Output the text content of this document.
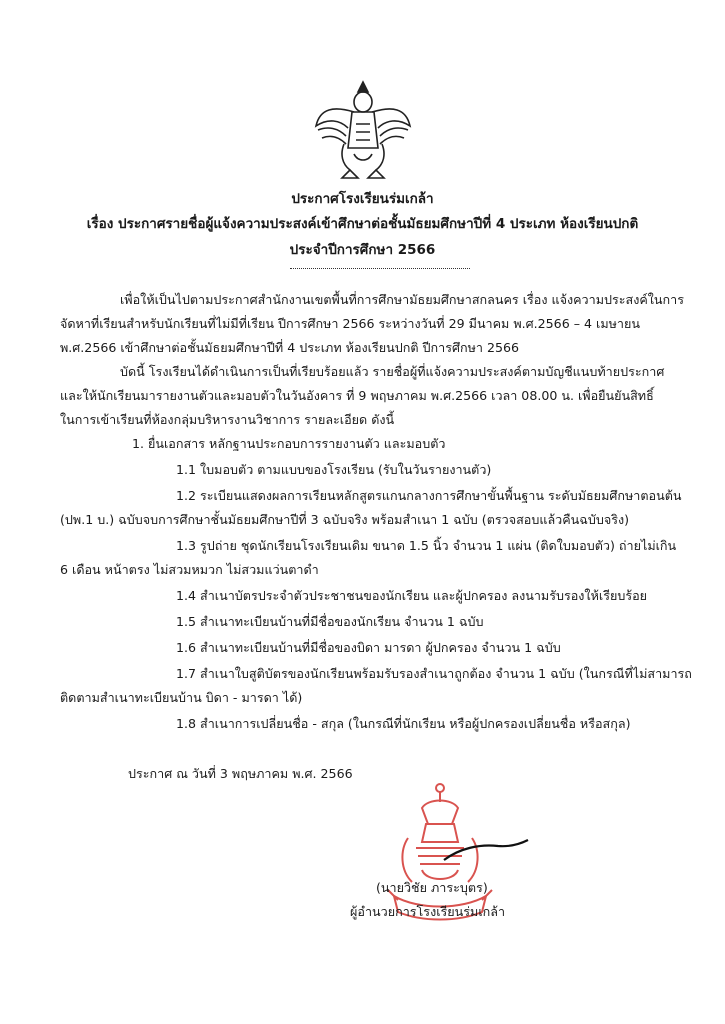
ประกาศโรงเรียนร่มเกล้า
เรื่อง ประกาศรายชื่อผู้แจ้งความประสงค์เข้าศึกษาต่อชั้นมัธยมศึกษาปีที่ 4 ประเภท ห้องเรียนปกติ
ประจำปีการศึกษา 2566
เพื่อให้เป็นไปตามประกาศสำนักงานเขตพื้นที่การศึกษามัธยมศึกษาสกลนคร เรื่อง แจ้งความประสงค์ในการ
จัดหาที่เรียนสำหรับนักเรียนที่ไม่มีที่เรียน ปีการศึกษา 2566 ระหว่างวันที่ 29 มีนาคม พ.ศ.2566 – 4 เมษายน
พ.ศ.2566 เข้าศึกษาต่อชั้นมัธยมศึกษาปีที่ 4 ประเภท ห้องเรียนปกติ ปีการศึกษา 2566
บัดนี้ โรงเรียนได้ดำเนินการเป็นที่เรียบร้อยแล้ว รายชื่อผู้ที่แจ้งความประสงค์ตามบัญชีแนบท้ายประกาศ
และให้นักเรียนมารายงานตัวและมอบตัวในวันอังคาร ที่ 9 พฤษภาคม พ.ศ.2566 เวลา 08.00 น. เพื่อยืนยันสิทธิ์
ในการเข้าเรียนที่ห้องกลุ่มบริหารงานวิชาการ รายละเอียด ดังนี้
1. ยื่นเอกสาร หลักฐานประกอบการรายงานตัว และมอบตัว
1.1 ใบมอบตัว ตามแบบของโรงเรียน (รับในวันรายงานตัว)
1.2 ระเบียนแสดงผลการเรียนหลักสูตรแกนกลางการศึกษาขั้นพื้นฐาน ระดับมัธยมศึกษาตอนต้น
(ปพ.1 บ.) ฉบับจบการศึกษาชั้นมัธยมศึกษาปีที่ 3 ฉบับจริง พร้อมสำเนา 1 ฉบับ (ตรวจสอบแล้วคืนฉบับจริง)
1.3 รูปถ่าย ชุดนักเรียนโรงเรียนเดิม ขนาด 1.5 นิ้ว จำนวน 1 แผ่น (ติดใบมอบตัว) ถ่ายไม่เกิน
6 เดือน หน้าตรง ไม่สวมหมวก ไม่สวมแว่นตาดำ
1.4 สำเนาบัตรประจำตัวประชาชนของนักเรียน และผู้ปกครอง ลงนามรับรองให้เรียบร้อย
1.5 สำเนาทะเบียนบ้านที่มีชื่อของนักเรียน จำนวน 1 ฉบับ
1.6 สำเนาทะเบียนบ้านที่มีชื่อของบิดา มารดา ผู้ปกครอง จำนวน 1 ฉบับ
1.7 สำเนาใบสูติบัตรของนักเรียนพร้อมรับรองสำเนาถูกต้อง จำนวน 1 ฉบับ (ในกรณีที่ไม่สามารถ
ติดตามสำเนาทะเบียนบ้าน บิดา - มารดา ได้)
1.8 สำเนาการเปลี่ยนชื่อ - สกุล (ในกรณีที่นักเรียน หรือผู้ปกครองเปลี่ยนชื่อ หรือสกุล)
ประกาศ ณ วันที่ 3 พฤษภาคม พ.ศ. 2566
(นายวิชัย ภาระบุตร)
ผู้อำนวยการโรงเรียนร่มเกล้า
